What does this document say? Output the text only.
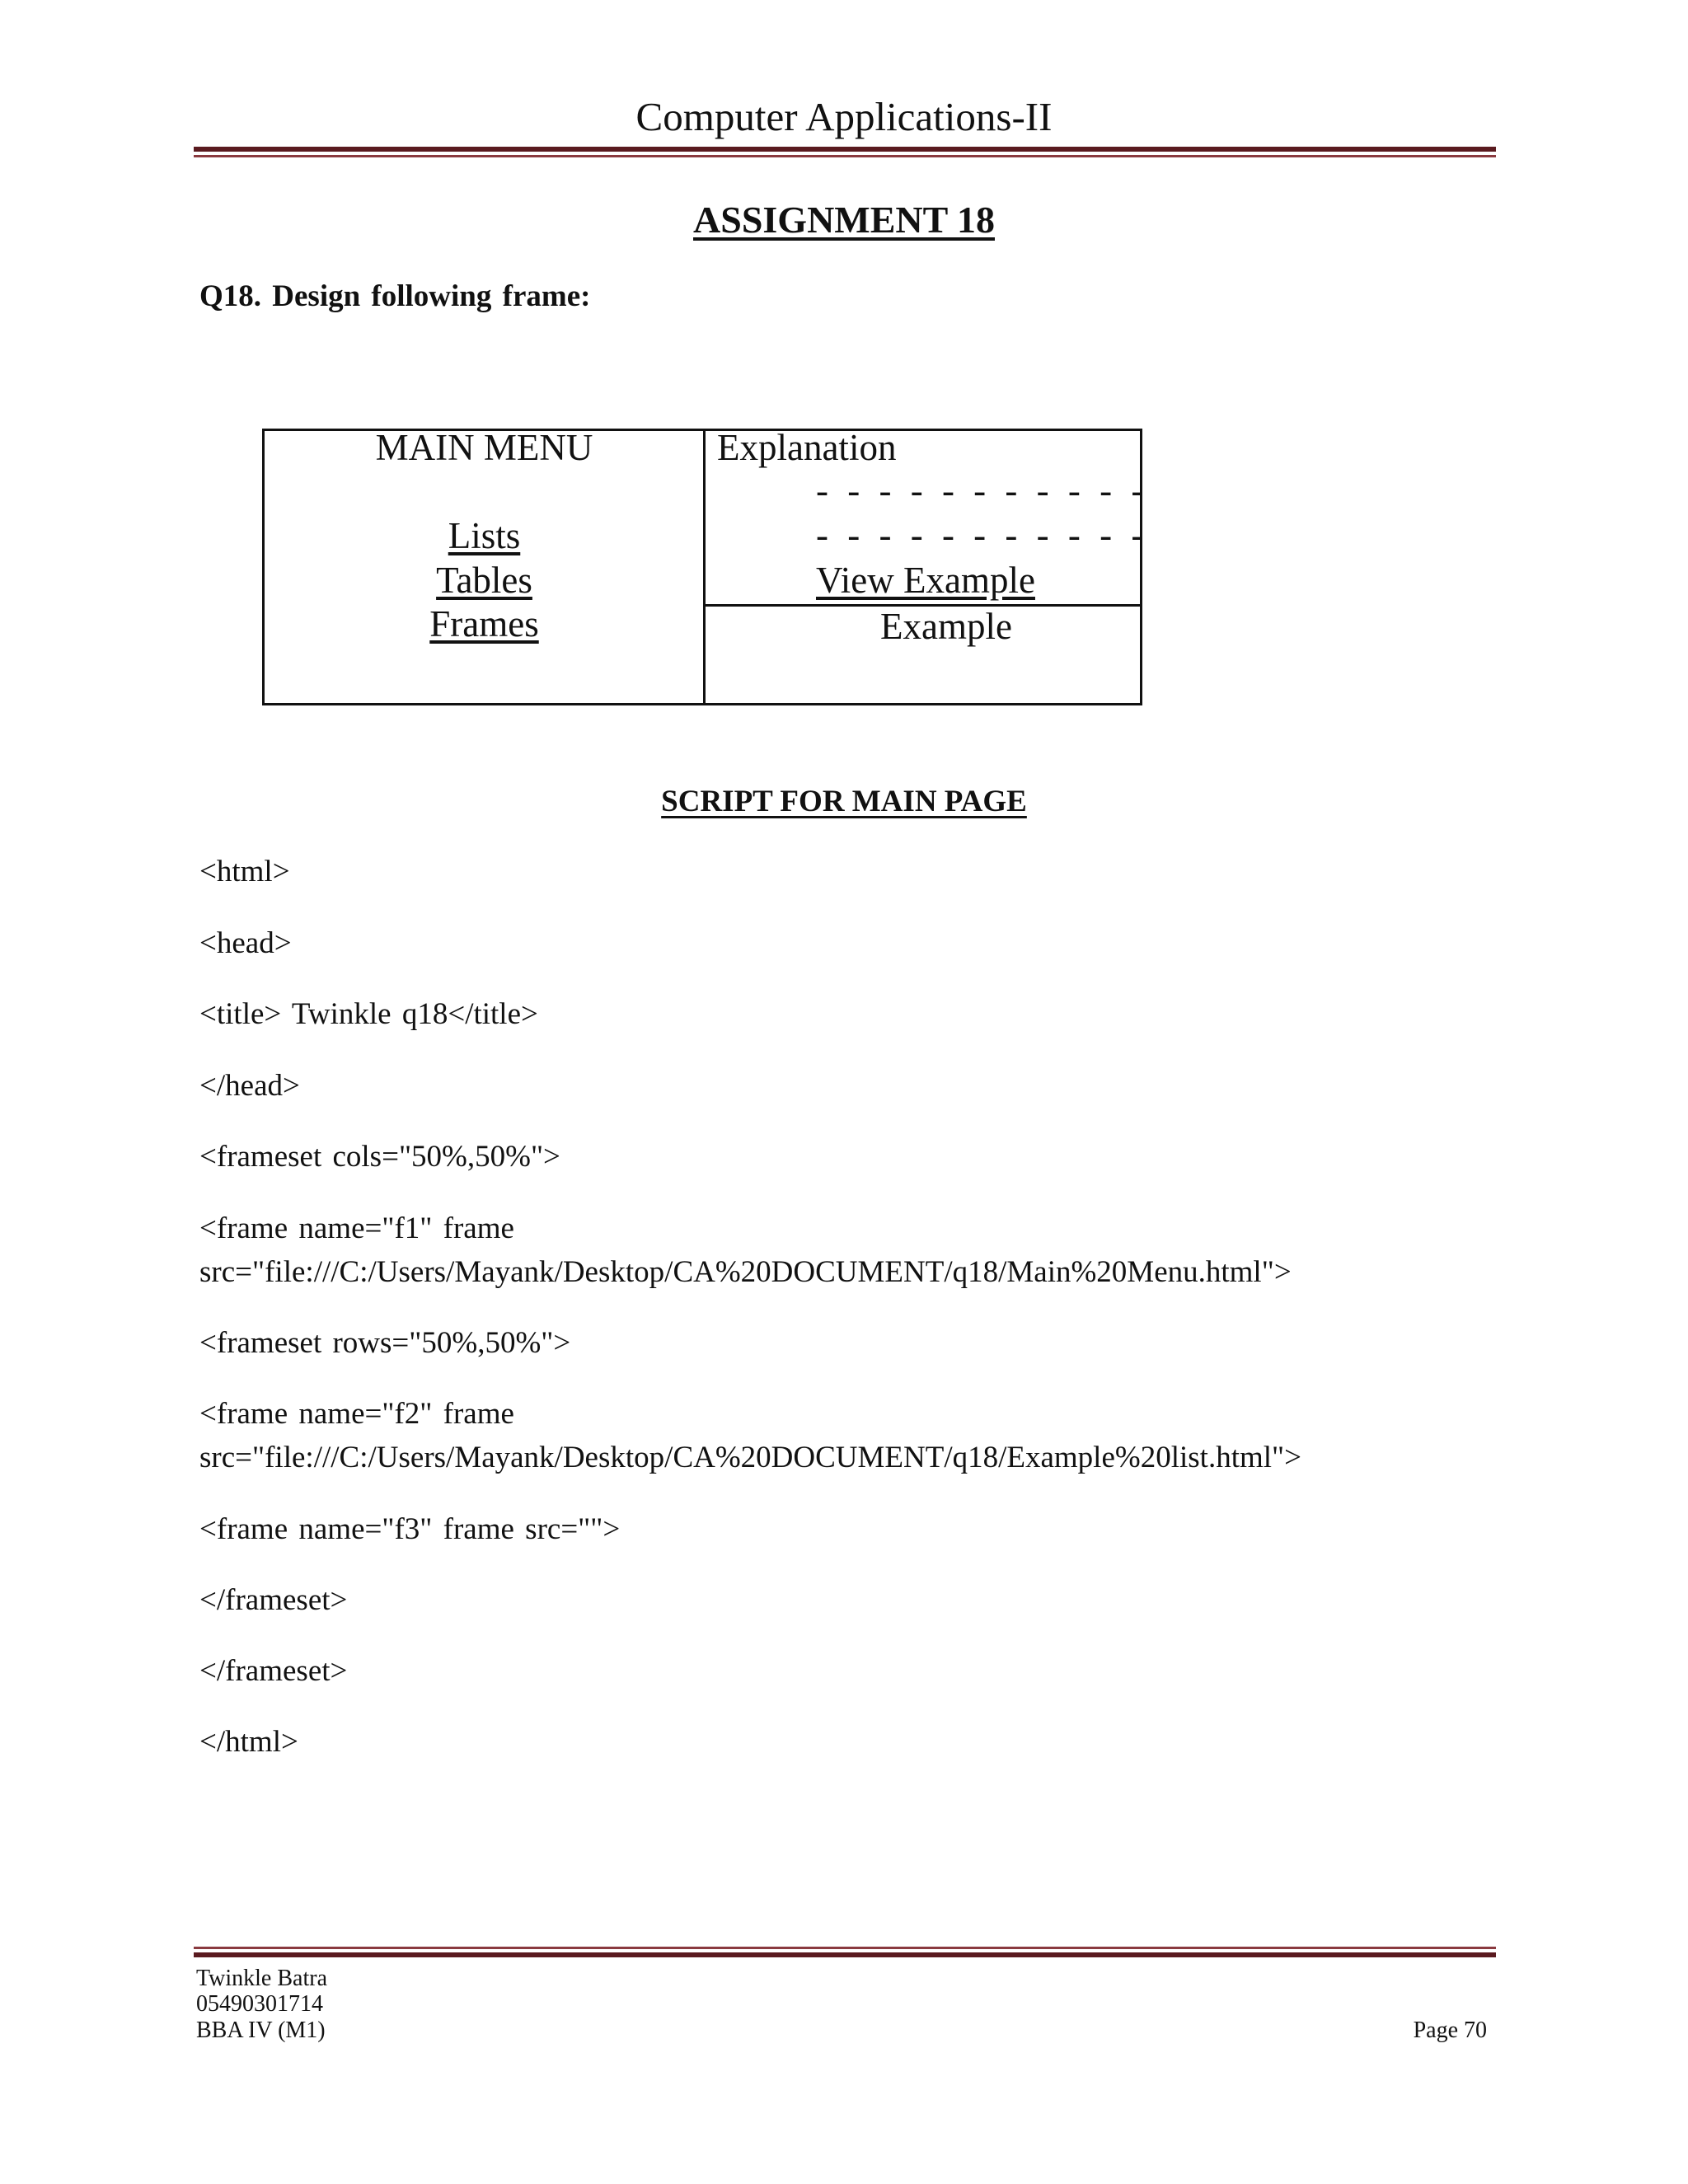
Computer Applications-II
ASSIGNMENT 18
Q18. Design following frame:
MAIN MENU
Lists
Tables
Frames
Explanation
- - - - - - - - - - -
- - - - - - - - - - -
View Example
Example
SCRIPT FOR MAIN PAGE
<html>
<head>
<title> Twinkle q18</title>
</head>
<frameset cols="50%,50%">
<frame name="f1" frame
src="file:///C:/Users/Mayank/Desktop/CA%20DOCUMENT/q18/Main%20Menu.html">
<frameset rows="50%,50%">
<frame name="f2" frame
src="file:///C:/Users/Mayank/Desktop/CA%20DOCUMENT/q18/Example%20list.html">
<frame name="f3" frame src="">
</frameset>
</frameset>
</html>
Twinkle Batra
05490301714
BBA IV (M1)	Page 70
